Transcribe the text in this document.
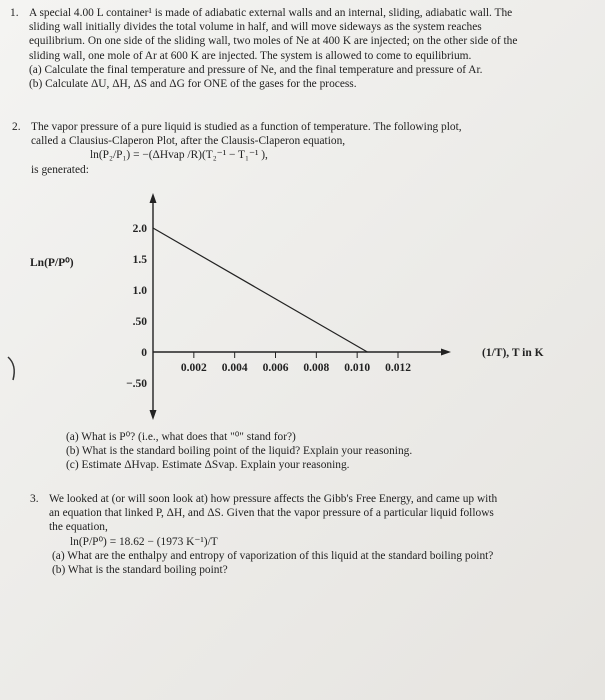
1. A special 4.00 L container¹ is made of adiabatic external walls and an internal, sliding, adiabatic wall. The
sliding wall initially divides the total volume in half, and will move sideways as the system reaches
equilibrium. On one side of the sliding wall, two moles of Ne at 400 K are injected; on the other side of the
sliding wall, one mole of Ar at 600 K are injected. The system is allowed to come to equilibrium.
(a) Calculate the final temperature and pressure of Ne, and the final temperature and pressure of Ar.
(b) Calculate ΔU, ΔH, ΔS and ΔG for ONE of the gases for the process.
2. The vapor pressure of a pure liquid is studied as a function of temperature. The following plot,
called a Clausius-Claperon Plot, after the Clausis-Claperon equation,
ln(P₂/P₁) = −(ΔHvap /R)(T₂⁻¹ − T₁⁻¹ ),
is generated:
Ln(P/P⁰)
(1/T), T in K
2.0
1.5
1.0
.50
0
−.50
0.002 0.004 0.006 0.008 0.010 0.012
(a) What is P⁰? (i.e., what does that "⁰" stand for?)
(b) What is the standard boiling point of the liquid? Explain your reasoning.
(c) Estimate ΔHvap. Estimate ΔSvap. Explain your reasoning.
3. We looked at (or will soon look at) how pressure affects the Gibb's Free Energy, and came up with
an equation that linked P, ΔH, and ΔS. Given that the vapor pressure of a particular liquid follows
the equation,
ln(P/P⁰) = 18.62 − (1973 K⁻¹)/T
(a) What are the enthalpy and entropy of vaporization of this liquid at the standard boiling point?
(b) What is the standard boiling point?
